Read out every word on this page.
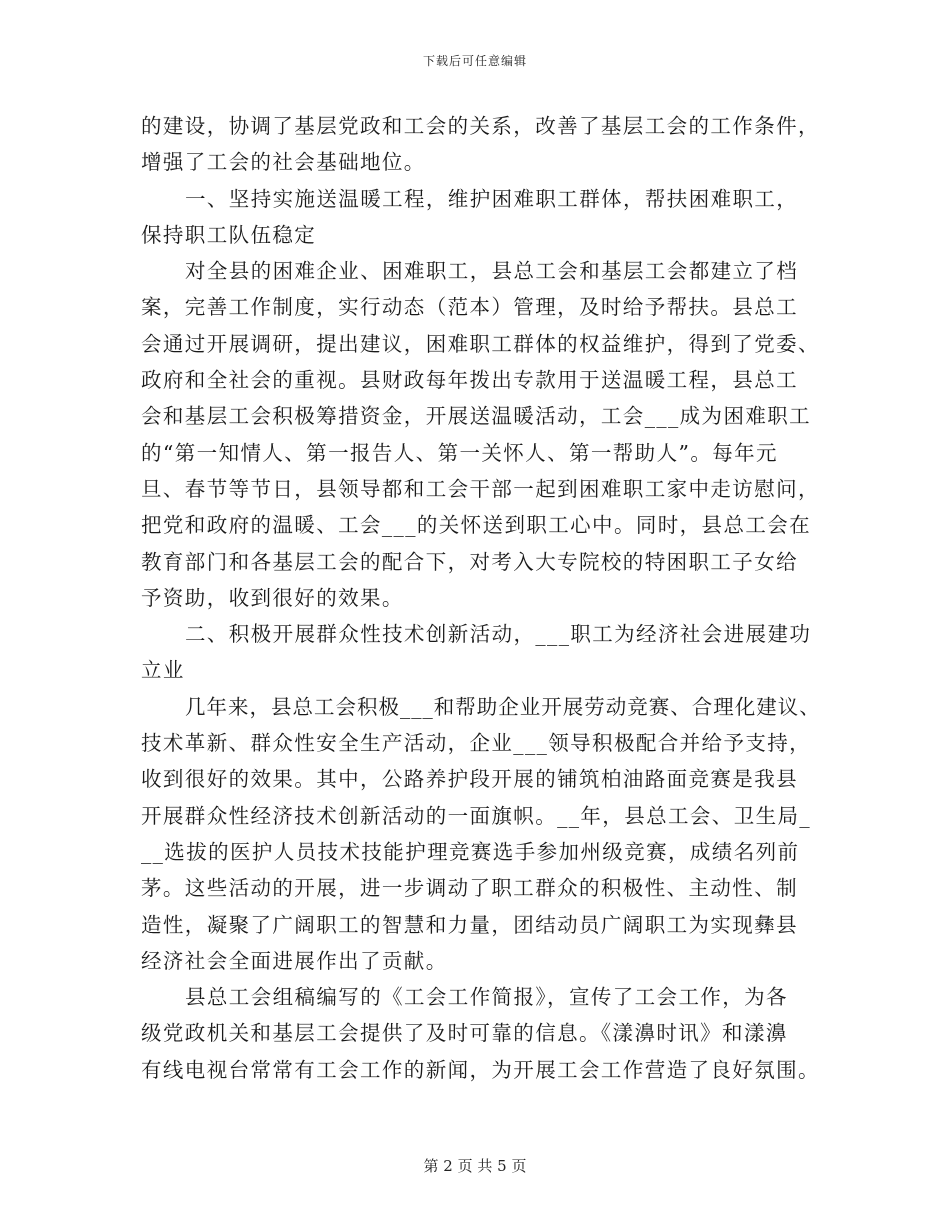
下载后可任意编辑
的建设，协调了基层党政和工会的关系，改善了基层工会的工作条件，
增强了工会的社会基础地位。
一、坚持实施送温暖工程，维护困难职工群体，帮扶困难职工，
保持职工队伍稳定
对全县的困难企业、困难职工，县总工会和基层工会都建立了档
案，完善工作制度，实行动态（范本）管理，及时给予帮扶。县总工
会通过开展调研，提出建议，困难职工群体的权益维护，得到了党委、
政府和全社会的重视。县财政每年拨出专款用于送温暖工程，县总工
会和基层工会积极筹措资金，开展送温暖活动，工会___成为困难职工
的“第一知情人、第一报告人、第一关怀人、第一帮助人”。每年元
旦、春节等节日，县领导都和工会干部一起到困难职工家中走访慰问，
把党和政府的温暖、工会___的关怀送到职工心中。同时，县总工会在
教育部门和各基层工会的配合下，对考入大专院校的特困职工子女给
予资助，收到很好的效果。
二、积极开展群众性技术创新活动，___职工为经济社会进展建功
立业
几年来，县总工会积极___和帮助企业开展劳动竞赛、合理化建议、
技术革新、群众性安全生产活动，企业___领导积极配合并给予支持，
收到很好的效果。其中，公路养护段开展的铺筑柏油路面竞赛是我县
开展群众性经济技术创新活动的一面旗帜。__年，县总工会、卫生局_
__选拔的医护人员技术技能护理竞赛选手参加州级竞赛，成绩名列前
茅。这些活动的开展，进一步调动了职工群众的积极性、主动性、制
造性，凝聚了广阔职工的智慧和力量，团结动员广阔职工为实现彝县
经济社会全面进展作出了贡献。
县总工会组稿编写的《工会工作简报》，宣传了工会工作，为各
级党政机关和基层工会提供了及时可靠的信息。《漾濞时讯》和漾濞
有线电视台常常有工会工作的新闻，为开展工会工作营造了良好氛围。
第 2 页 共 5 页
